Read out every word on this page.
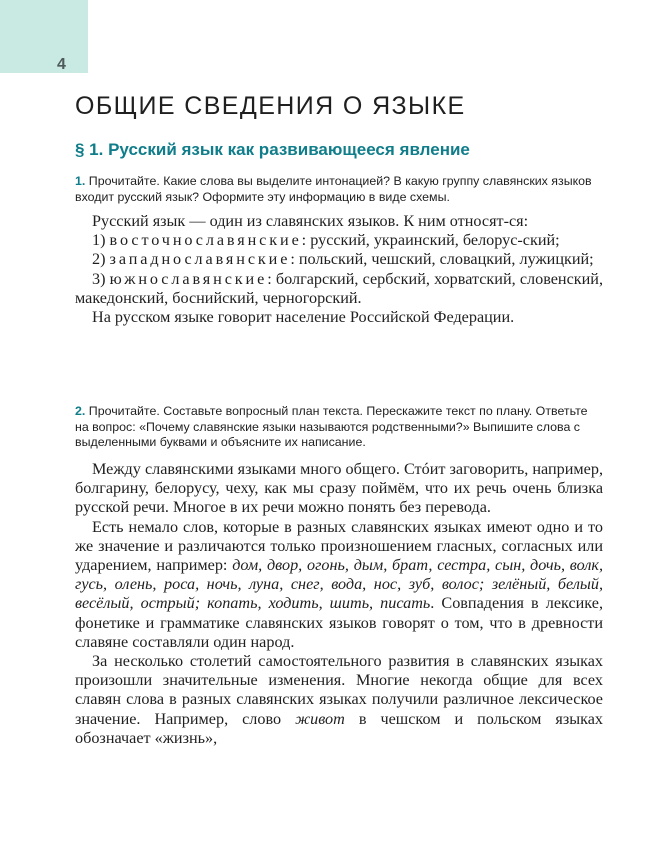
4
ОБЩИЕ СВЕДЕНИЯ О ЯЗЫКЕ
§ 1. Русский язык как развивающееся явление
1. Прочитайте. Какие слова вы выделите интонацией? В какую группу славянских языков входит русский язык? Оформите эту информацию в виде схемы.
Русский язык — один из славянских языков. К ним относят-ся:
1) восточнославянские: русский, украинский, белорус-ский;
2) западнославянские: польский, чешский, словацкий, лужицкий;
3) южнославянские: болгарский, сербский, хорватский, словенский, македонский, боснийский, черногорский.
На русском языке говорит население Российской Федерации.
2. Прочитайте. Составьте вопросный план текста. Перескажите текст по плану. Ответьте на вопрос: «Почему славянские языки называются родственными?» Выпишите слова с выделенными буквами и объясните их написание.
Между славянскими языками много общего. Стóит заговорить, например, болгарину, белорусу, чеху, как мы сразу поймём, что их речь очень близка русской речи. Многое в их речи можно понять без перевода.
Есть немало слов, которые в разных славянских языках имеют одно и то же значение и различаются только произношением гласных, согласных или ударением, например: дом, двор, огонь, дым, брат, сестра, сын, дочь, волк, гусь, олень, роса, ночь, луна, снег, вода, нос, зуб, волос; зелёный, белый, весёлый, острый; копать, ходить, шить, писать. Совпадения в лексике, фонетике и грамматике славянских языков говорят о том, что в древности славяне составляли один народ.
За несколько столетий самостоятельного развития в славянских языках произошли значительные изменения. Многие некогда общие для всех славян слова в разных славянских языках получили различное лексическое значение. Например, слово живот в чешском и польском языках обозначает «жизнь»,
